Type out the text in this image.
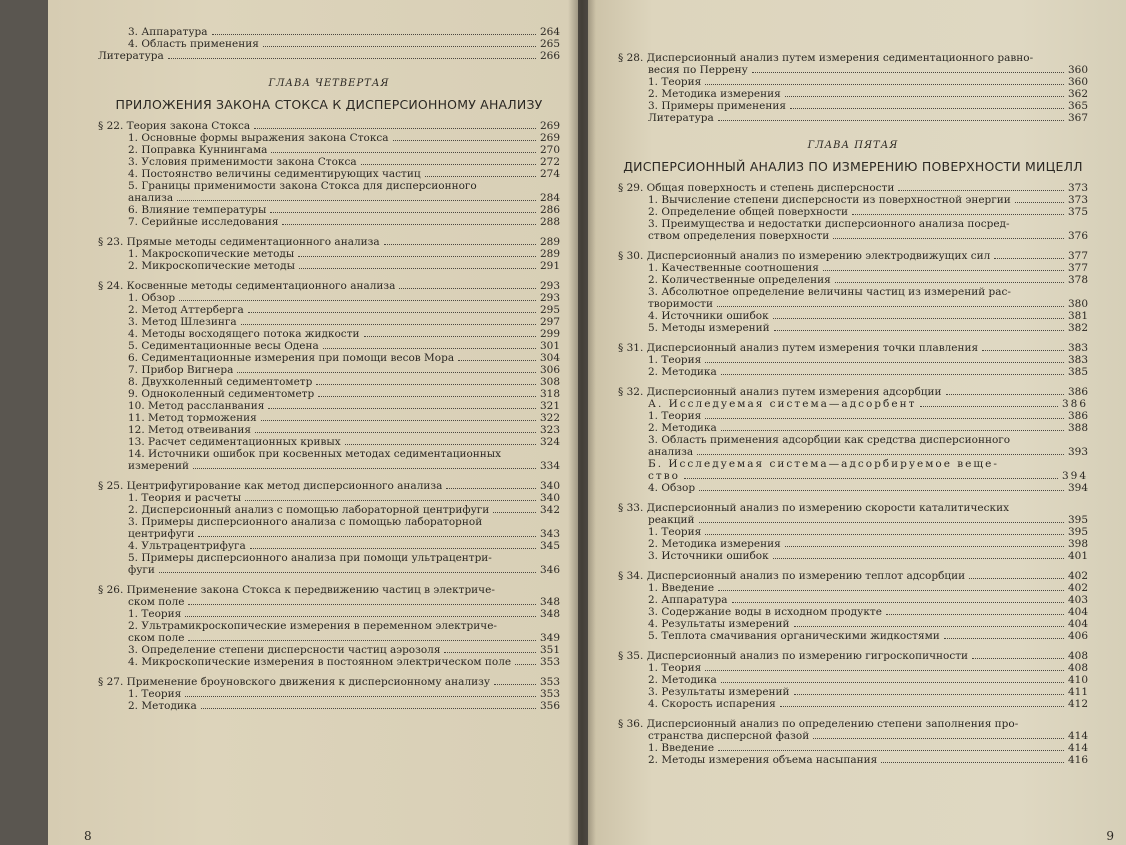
3. Аппаратура	264
4. Область применения	265
Литература	266
ГЛАВА ЧЕТВЕРТАЯ
ПРИЛОЖЕНИЯ ЗАКОНА СТОКСА К ДИСПЕРСИОННОМУ АНАЛИЗУ
§ 22. Теория закона Стокса	269
1. Основные формы выражения закона Стокса	269
2. Поправка Куннингама	270
3. Условия применимости закона Стокса	272
4. Постоянство величины седиментирующих частиц	274
5. Границы применимости закона Стокса для дисперсионного
анализа	284
6. Влияние температуры	286
7. Серийные исследования	288
§ 23. Прямые методы седиментационного анализа	289
1. Макроскопические методы	289
2. Микроскопические методы	291
§ 24. Косвенные методы седиментационного анализа	293
1. Обзор	293
2. Метод Аттерберга	295
3. Метод Шлезинга	297
4. Методы восходящего потока жидкости	299
5. Седиментационные весы Одена	301
6. Седиментационные измерения при помощи весов Мора	304
7. Прибор Вигнера	306
8. Двухколенный седиментометр	308
9. Одноколенный седиментометр	318
10. Метод рассланвания	321
11. Метод торможения	322
12. Метод отвеивания	323
13. Расчет седиментационных кривых	324
14. Источники ошибок при косвенных методах седиментационных
измерений	334
§ 25. Центрифугирование как метод дисперсионного анализа	340
1. Теория и расчеты	340
2. Дисперсионный анализ с помощью лабораторной центрифуги	342
3. Примеры дисперсионного анализа с помощью лабораторной
центрифуги	343
4. Ультрацентрифуга	345
5. Примеры дисперсионного анализа при помощи ультрацентри-
фуги	346
§ 26. Применение закона Стокса к передвижению частиц в электриче-
ском поле	348
1. Теория	348
2. Ультрамикроскопические измерения в переменном электриче-
ском поле	349
3. Определение степени дисперсности частиц аэрозоля	351
4. Микроскопические измерения в постоянном электрическом поле	353
§ 27. Применение броуновского движения к дисперсионному анализу	353
1. Теория	353
2. Методика	356
8
§ 28. Дисперсионный анализ путем измерения седиментационного равно-
весия по Перрену	360
1. Теория	360
2. Методика измерения	362
3. Примеры применения	365
Литература	367
ГЛАВА ПЯТАЯ
ДИСПЕРСИОННЫЙ АНАЛИЗ ПО ИЗМЕРЕНИЮ ПОВЕРХНОСТИ МИЦЕЛЛ
§ 29. Общая поверхность и степень дисперсности	373
1. Вычисление степени дисперсности из поверхностной энергии	373
2. Определение общей поверхности	375
3. Преимущества и недостатки дисперсионного анализа посред-
ством определения поверхности	376
§ 30. Дисперсионный анализ по измерению электродвижущих сил	377
1. Качественные соотношения	377
2. Количественные определения	378
3. Абсолютное определение величины частиц из измерений рас-
творимости	380
4. Источники ошибок	381
5. Методы измерений	382
§ 31. Дисперсионный анализ путем измерения точки плавления	383
1. Теория	383
2. Методика	385
§ 32. Дисперсионный анализ путем измерения адсорбции	386
А. Исследуемая система—адсорбент	386
1. Теория	386
2. Методика	388
3. Область применения адсорбции как средства дисперсионного
анализа	393
Б. Исследуемая система—адсорбируемое веще-
ство	394
4. Обзор	394
§ 33. Дисперсионный анализ по измерению скорости каталитических
реакций	395
1. Теория	395
2. Методика измерения	398
3. Источники ошибок	401
§ 34. Дисперсионный анализ по измерению теплот адсорбции	402
1. Введение	402
2. Аппаратура	403
3. Содержание воды в исходном продукте	404
4. Результаты измерений	404
5. Теплота смачивания органическими жидкостями	406
§ 35. Дисперсионный анализ по измерению гигроскопичности	408
1. Теория	408
2. Методика	410
3. Результаты измерений	411
4. Скорость испарения	412
§ 36. Дисперсионный анализ по определению степени заполнения про-
странства дисперсной фазой	414
1. Введение	414
2. Методы измерения объема насыпания	416
9
